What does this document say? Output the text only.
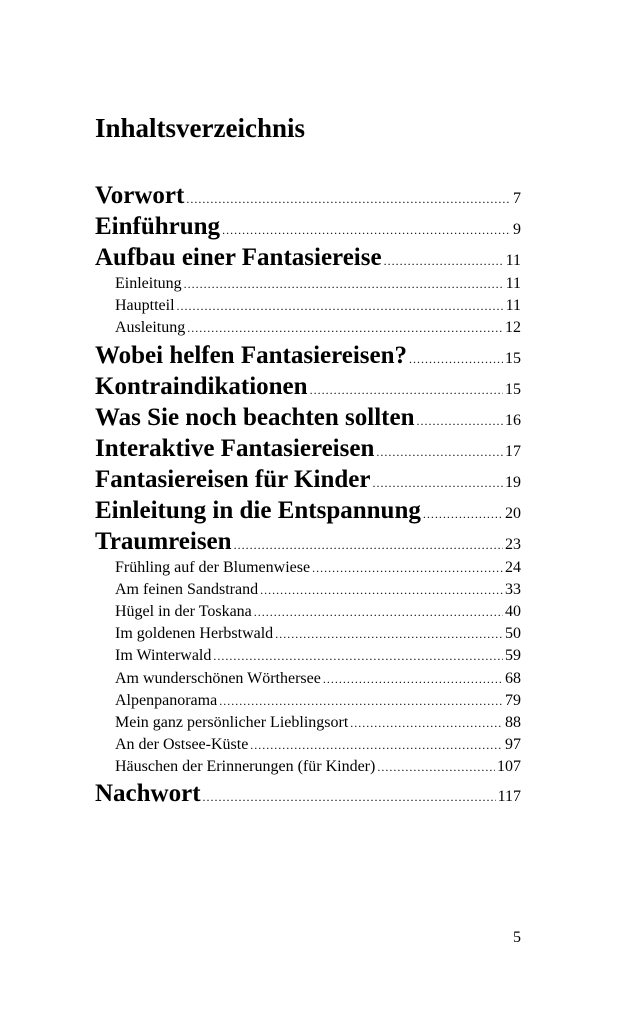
Inhaltsverzeichnis
Vorwort .....	7
Einführung .....	9
Aufbau einer Fantasiereise .....	11
Einleitung .....	11
Hauptteil .....	11
Ausleitung .....	12
Wobei helfen Fantasiereisen? .....	15
Kontraindikationen .....	15
Was Sie noch beachten sollten .....	16
Interaktive Fantasiereisen .....	17
Fantasiereisen für Kinder .....	19
Einleitung in die Entspannung .....	20
Traumreisen .....	23
Frühling auf der Blumenwiese .....	24
Am feinen Sandstrand .....	33
Hügel in der Toskana .....	40
Im goldenen Herbstwald .....	50
Im Winterwald .....	59
Am wunderschönen Wörthersee .....	68
Alpenpanorama .....	79
Mein ganz persönlicher Lieblingsort .....	88
An der Ostsee-Küste .....	97
Häuschen der Erinnerungen (für Kinder) .....	107
Nachwort .....	117
5
